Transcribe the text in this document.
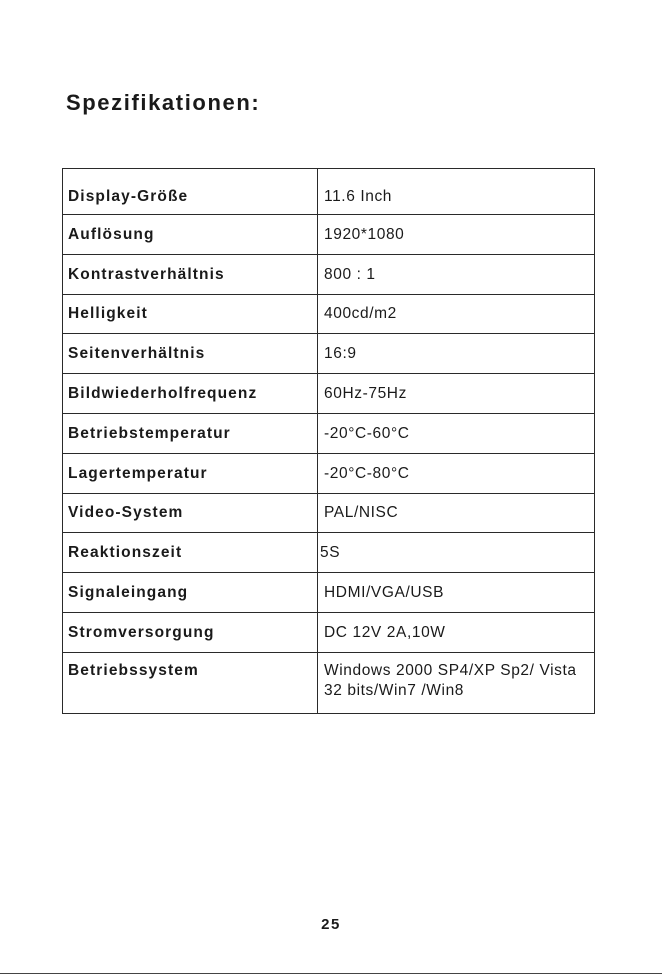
Spezifikationen:
Display-Größe	11.6 Inch
Auflösung	1920*1080
Kontrastverhältnis	800 : 1
Helligkeit	400cd/m2
Seitenverhältnis	16:9
Bildwiederholfrequenz	60Hz-75Hz
Betriebstemperatur	-20°C-60°C
Lagertemperatur	-20°C-80°C
Video-System	PAL/NISC
Reaktionszeit	5S
Signaleingang	HDMI/VGA/USB
Stromversorgung	DC 12V 2A,10W
Betriebssystem	Windows 2000 SP4/XP Sp2/ Vista 32 bits/Win7 /Win8
25
